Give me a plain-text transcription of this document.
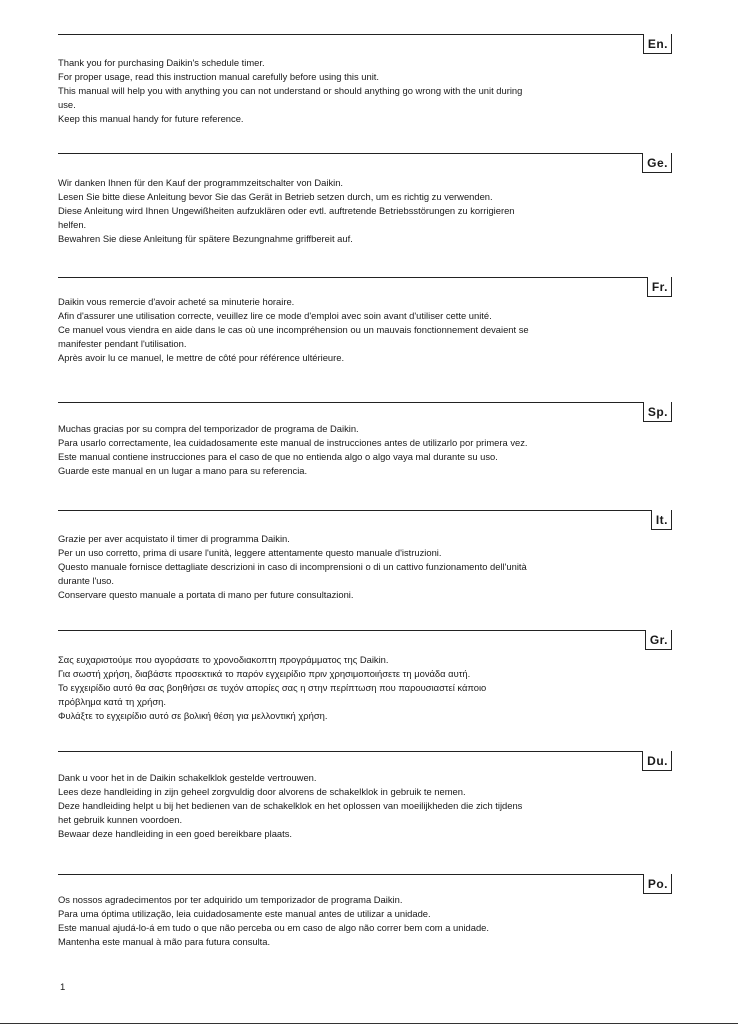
En.
Thank you for purchasing Daikin's schedule timer.
For proper usage, read this instruction manual carefully before using this unit.
This manual will help you with anything you can not understand or should anything go wrong with the unit during
use.
Keep this manual handy for future reference.
Ge.
Wir danken Ihnen für den Kauf der programmzeitschalter von Daikin.
Lesen Sie bitte diese Anleitung bevor Sie das Gerät in Betrieb setzen durch, um es richtig zu verwenden.
Diese Anleitung wird Ihnen Ungewißheiten aufzuklären oder evtl. auftretende Betriebsstörungen zu korrigieren
helfen.
Bewahren Sie diese Anleitung für spätere Bezungnahme griffbereit auf.
Fr.
Daikin vous remercie d'avoir acheté sa minuterie horaire.
Afin d'assurer une utilisation correcte, veuillez lire ce mode d'emploi avec soin avant d'utiliser cette unité.
Ce manuel vous viendra en aide dans le cas où une incompréhension ou un mauvais fonctionnement devaient se
manifester pendant l'utilisation.
Après avoir lu ce manuel, le mettre de côté pour référence ultérieure.
Sp.
Muchas gracias por su compra del temporizador de programa de Daikin.
Para usarlo correctamente, lea cuidadosamente este manual de instrucciones antes de utilizarlo por primera vez.
Este manual contiene instrucciones para el caso de que no entienda algo o algo vaya mal durante su uso.
Guarde este manual en un lugar a mano para su referencia.
It.
Grazie per aver acquistato il timer di programma Daikin.
Per un uso corretto, prima di usare l'unità, leggere attentamente questo manuale d'istruzioni.
Questo manuale fornisce dettagliate descrizioni in caso di incomprensioni o di un cattivo funzionamento dell'unità
durante l'uso.
Conservare questo manuale a portata di mano per future consultazioni.
Gr.
Σας ευχαριστούμε που αγοράσατε το χρονοδιακοπτη προγράμματος της Daikin.
Για σωστή χρήση, διαβάστε προσεκτικά το παρόν εγχειρίδιο πριν χρησιμοποιήσετε τη μονάδα αυτή.
Το εγχειρίδιο αυτό θα σας βοηθήσει σε τυχόν απορίες σας η στην περίπτωση που παρουσιαστεί κάποιο
πρόβλημα κατά τη χρήση.
Φυλάξτε το εγχειρίδιο αυτό σε βολική θέση για μελλοντική χρήση.
Du.
Dank u voor het in de Daikin schakelklok gestelde vertrouwen.
Lees deze handleiding in zijn geheel zorgvuldig door alvorens de schakelklok in gebruik te nemen.
Deze handleiding helpt u bij het bedienen van de schakelklok en het oplossen van moeilijkheden die zich tijdens
het gebruik kunnen voordoen.
Bewaar deze handleiding in een goed bereikbare plaats.
Po.
Os nossos agradecimentos por ter adquirido um temporizador de programa Daikin.
Para uma óptima utilização, leia cuidadosamente este manual antes de utilizar a unidade.
Este manual ajudá-lo-á em tudo o que não perceba ou em caso de algo não correr bem com a unidade.
Mantenha este manual à mão para futura consulta.
1
